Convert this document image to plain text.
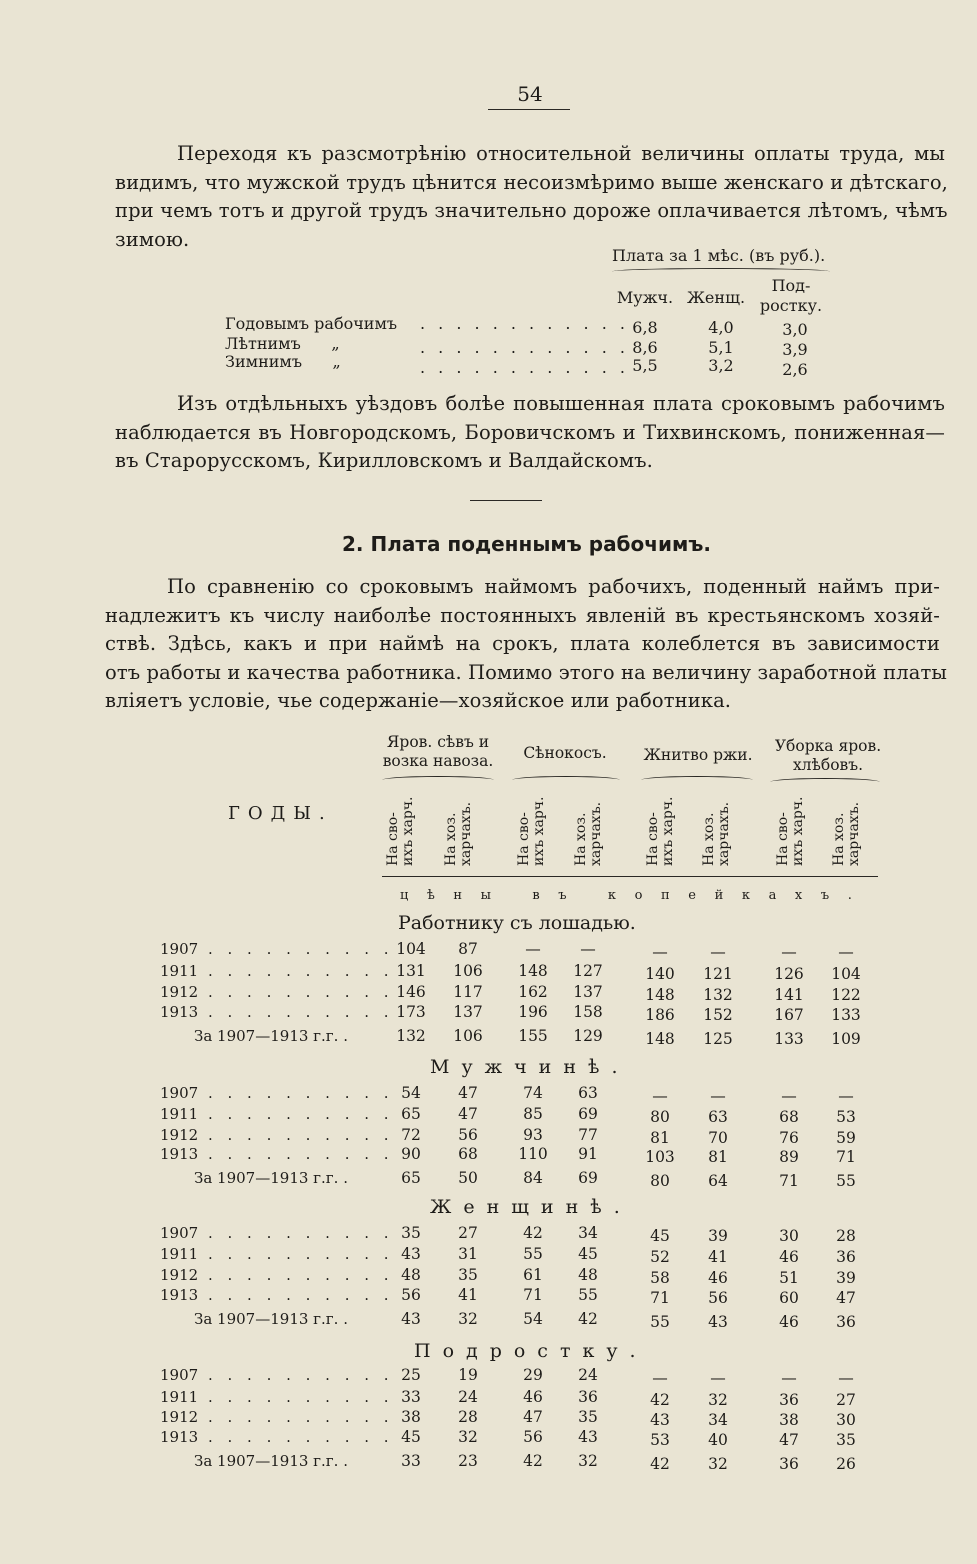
54
Переходя къ разсмотрѣнію относительной величины оплаты труда, мы
видимъ, что мужской трудъ цѣнится несоизмѣримо выше женскаго и дѣтскаго,
при чемъ тотъ и другой трудъ значительно дороже оплачивается лѣтомъ, чѣмъ
зимою.
Плата за 1 мѣс. (въ руб.).
Мужч. Женщ.
Под-
ростку.
Годовымъ рабочимъ . . . . . . . . . . . . 6,8	4,0	3,0
Лѣтнимъ      „	. . . . . . . . . . . . 8,6	5,1	3,9
Зимнимъ      „	. . . . . . . . . . . . 5,5	3,2	2,6
Изъ отдѣльныхъ уѣздовъ болѣе повышенная плата сроковымъ рабочимъ
наблюдается въ Новгородскомъ, Боровичскомъ и Тихвинскомъ, пониженная—
въ Старорусскомъ, Кирилловскомъ и Валдайскомъ.
2. Плата поденнымъ рабочимъ.
По сравненію со сроковымъ наймомъ рабочихъ, поденный наймъ при-
надлежитъ къ числу наиболѣе постоянныхъ явленій въ крестьянскомъ хозяй-
ствѣ. Здѣсь, какъ и при наймѣ на срокъ, плата колеблется въ зависимости
отъ работы и качества работника. Помимо этого на величину заработной платы
вліяетъ условіе, чье содержаніе—хозяйское или работника.
Яров. сѣвъ и
возка навоза.	Сѣнокосъ.	Жнитво ржи.	Уборка яров.
хлѣбовъ.
ГОДЫ.
На сво-
ихъ харч.
На хоз.
харчахъ.	На сво-
ихъ харч.
На хоз.
харчахъ.	На сво-
ихъ харч.
На хоз.
харчахъ.	На сво-
ихъ харч.
На хоз.
харчахъ.
цѣны въ копейкахъ.
Работнику съ лошадью.
Мужчинѣ.
Женщинѣ.
Подростку.
1907 . . . . . . . . . . 104	87	—	—	—	—	—	—
1911 . . . . . . . . . . 131	106	148	127	140	121	126	104
1912 . . . . . . . . . . 146	117	162	137	148	132	141	122
1913 . . . . . . . . . . 173	137	196	158	186	152	167	133
За 1907—1913 г.г. .	132	106	155	129	148	125	133	109
1907 . . . . . . . . . . 54	47	74	63	—	—	—	—
1911 . . . . . . . . . . 65	47	85	69	80	63	68	53
1912 . . . . . . . . . . 72	56	93	77	81	70	76	59
1913 . . . . . . . . . . 90	68	110	91	103	81	89	71
За 1907—1913 г.г. .	65	50	84	69	80	64	71	55
1907 . . . . . . . . . . 35	27	42	34	45	39	30	28
1911 . . . . . . . . . . 43	31	55	45	52	41	46	36
1912 . . . . . . . . . . 48	35	61	48	58	46	51	39
1913 . . . . . . . . . . 56	41	71	55	71	56	60	47
За 1907—1913 г.г. .	43	32	54	42	55	43	46	36
1907 . . . . . . . . . . 25	19	29	24	—	—	—	—
1911 . . . . . . . . . . 33	24	46	36	42	32	36	27
1912 . . . . . . . . . . 38	28	47	35	43	34	38	30
1913 . . . . . . . . . . 45	32	56	43	53	40	47	35
За 1907—1913 г.г. .	33	23	42	32	42	32	36	26
